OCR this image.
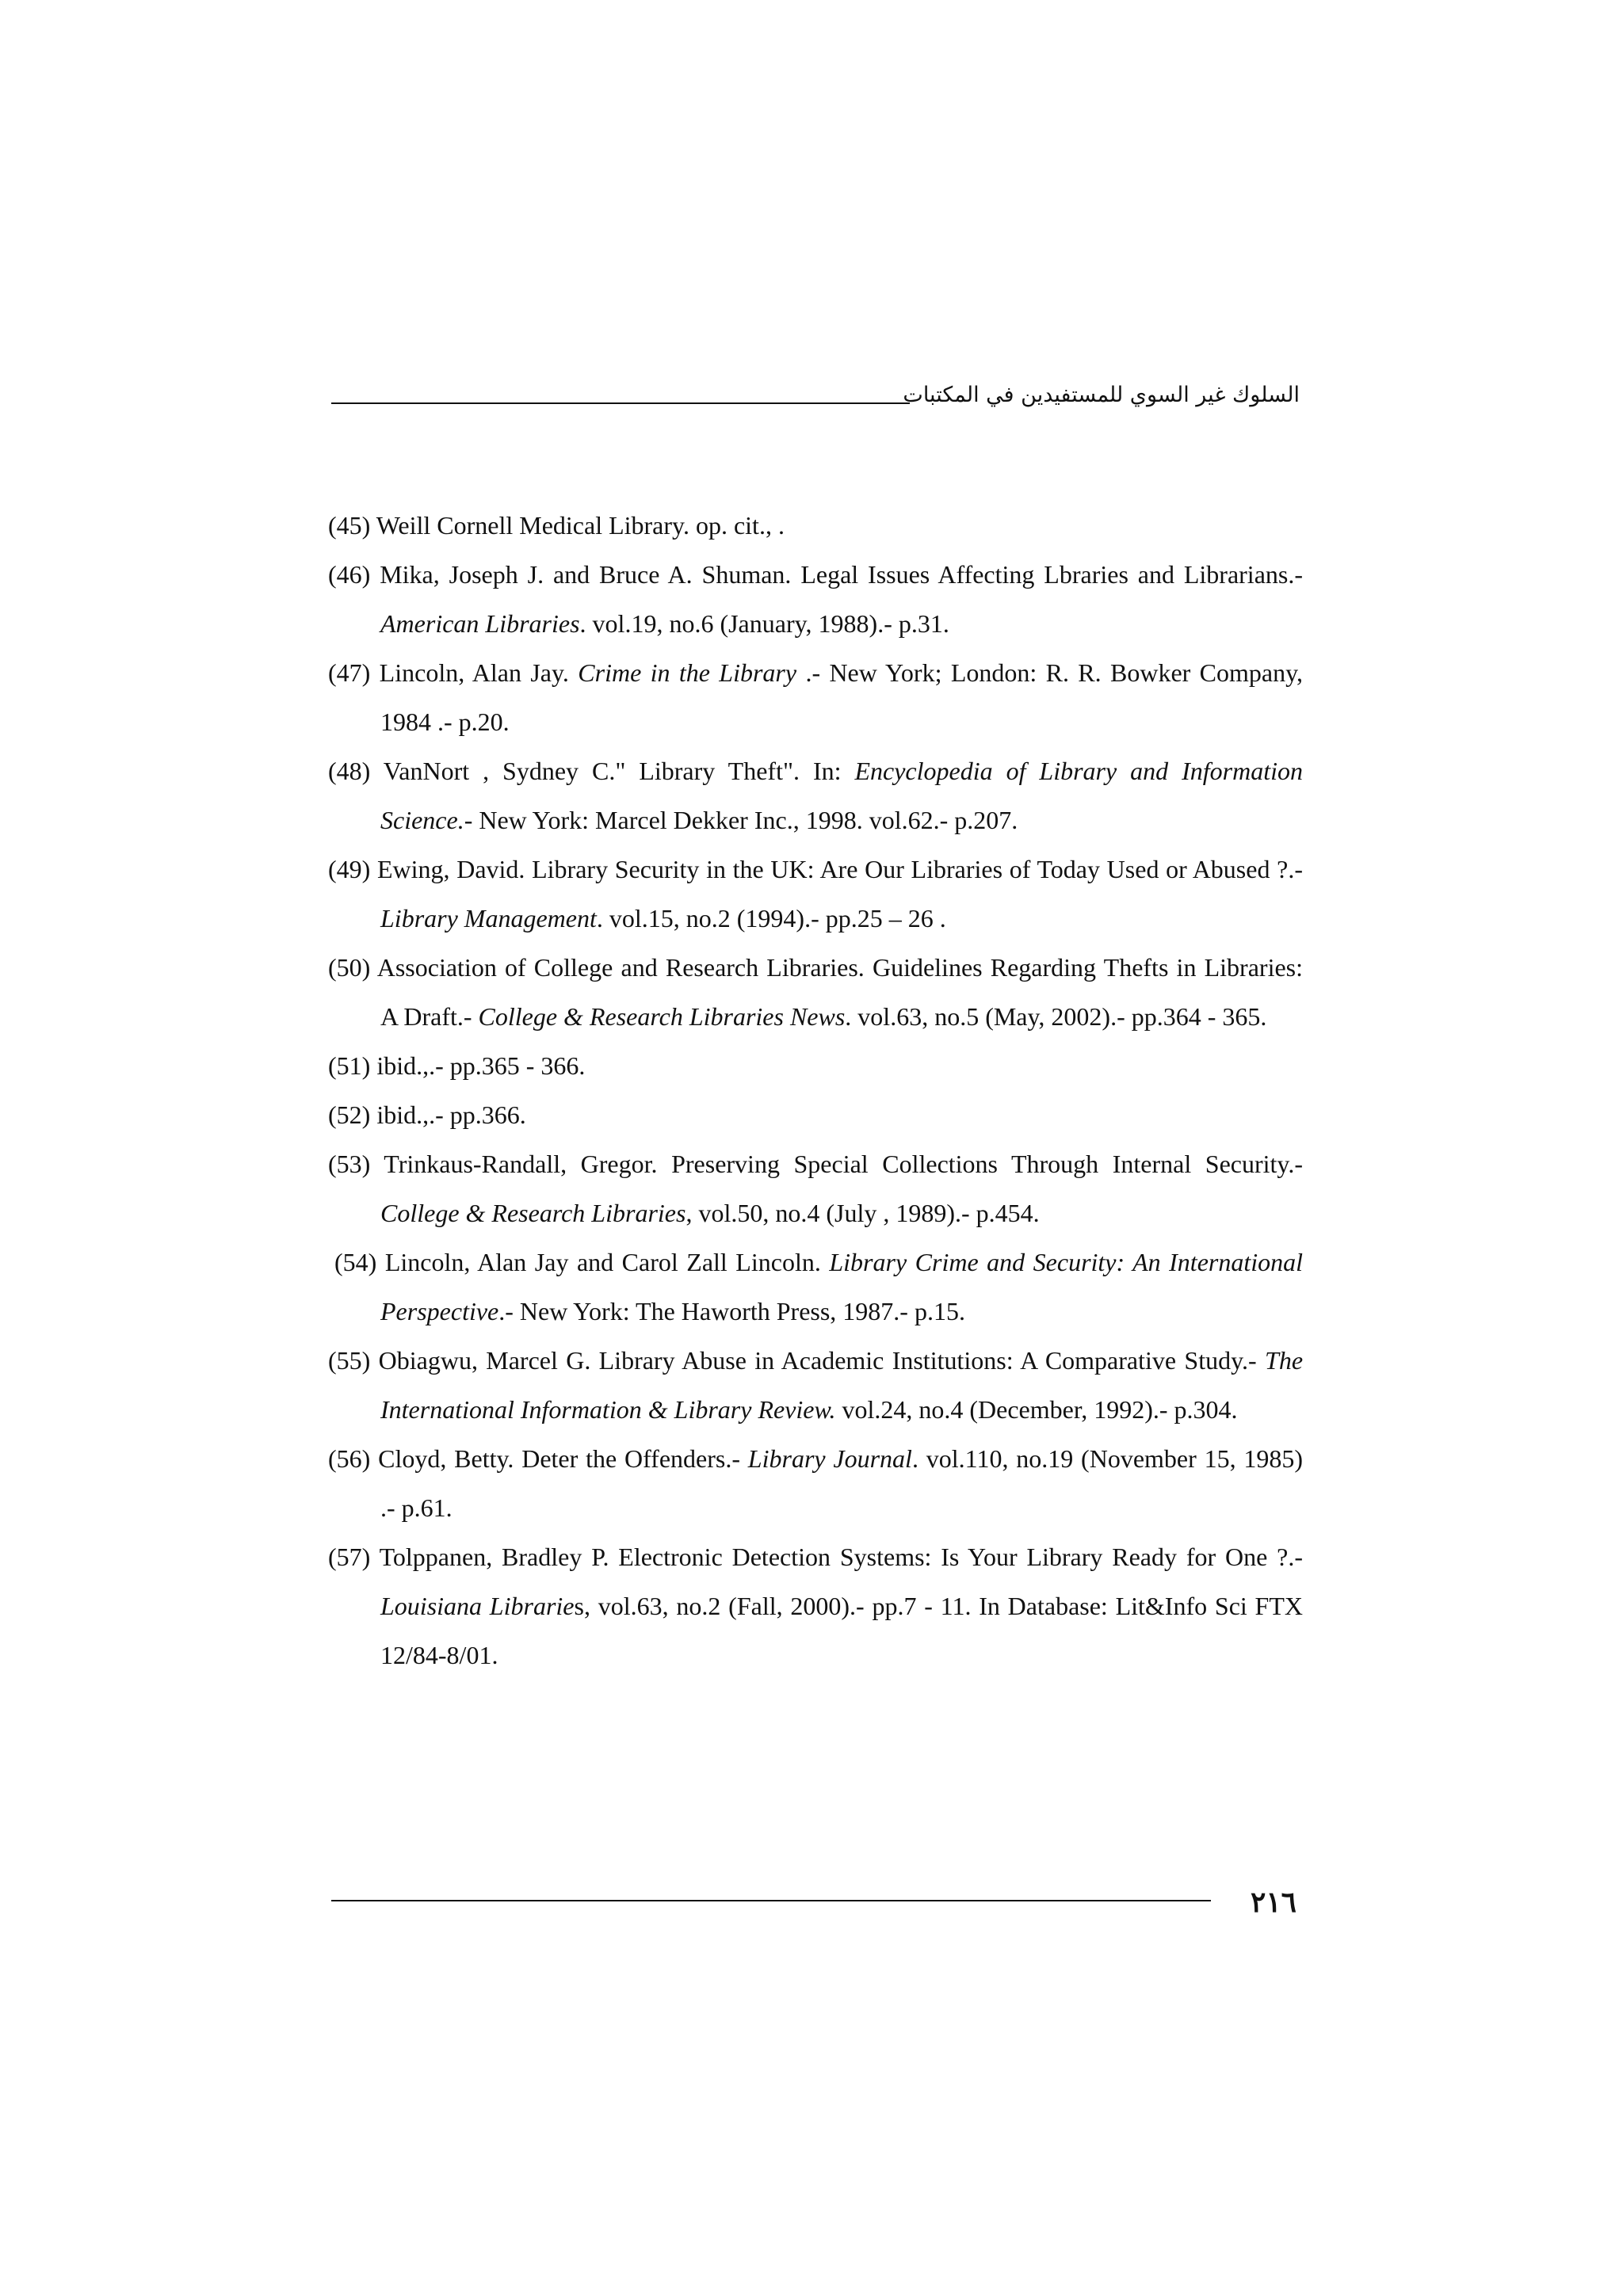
السلوك غير السوي للمستفيدين في المكتبات

(45) Weill Cornell Medical Library. op. cit., .

(46) Mika, Joseph J. and Bruce A. Shuman. Legal Issues Affecting Lbraries and Librarians.- American Libraries. vol.19, no.6 (January, 1988).- p.31.

(47) Lincoln, Alan Jay. Crime in the Library .- New York; London: R. R. Bowker Company, 1984 .- p.20.

(48) VanNort , Sydney C." Library Theft". In: Encyclopedia of Library and Information Science.- New York: Marcel Dekker Inc., 1998. vol.62.- p.207.

(49) Ewing, David. Library Security in the UK: Are Our Libraries of Today Used or Abused ?.- Library Management. vol.15, no.2 (1994).- pp.25 – 26 .

(50) Association of College and Research Libraries. Guidelines Regarding Thefts in Libraries: A Draft.- College & Research Libraries News. vol.63, no.5 (May, 2002).- pp.364 - 365.

(51) ibid.,.- pp.365 - 366.

(52) ibid.,.- pp.366.

(53) Trinkaus-Randall, Gregor. Preserving Special Collections Through Internal Security.- College & Research Libraries, vol.50, no.4 (July , 1989).- p.454.

(54) Lincoln, Alan Jay and Carol Zall Lincoln. Library Crime and Security: An International Perspective.- New York: The Haworth Press, 1987.- p.15.

(55) Obiagwu, Marcel G. Library Abuse in Academic Institutions: A Comparative Study.- The International Information & Library Review. vol.24, no.4 (December, 1992).- p.304.

(56) Cloyd, Betty. Deter the Offenders.- Library Journal. vol.110, no.19 (November 15, 1985) .- p.61.

(57) Tolppanen, Bradley P. Electronic Detection Systems: Is Your Library Ready for One ?.- Louisiana Libraries, vol.63, no.2 (Fall, 2000).- pp.7 - 11. In Database: Lit&Info Sci FTX 12/84-8/01.

٢١٦
